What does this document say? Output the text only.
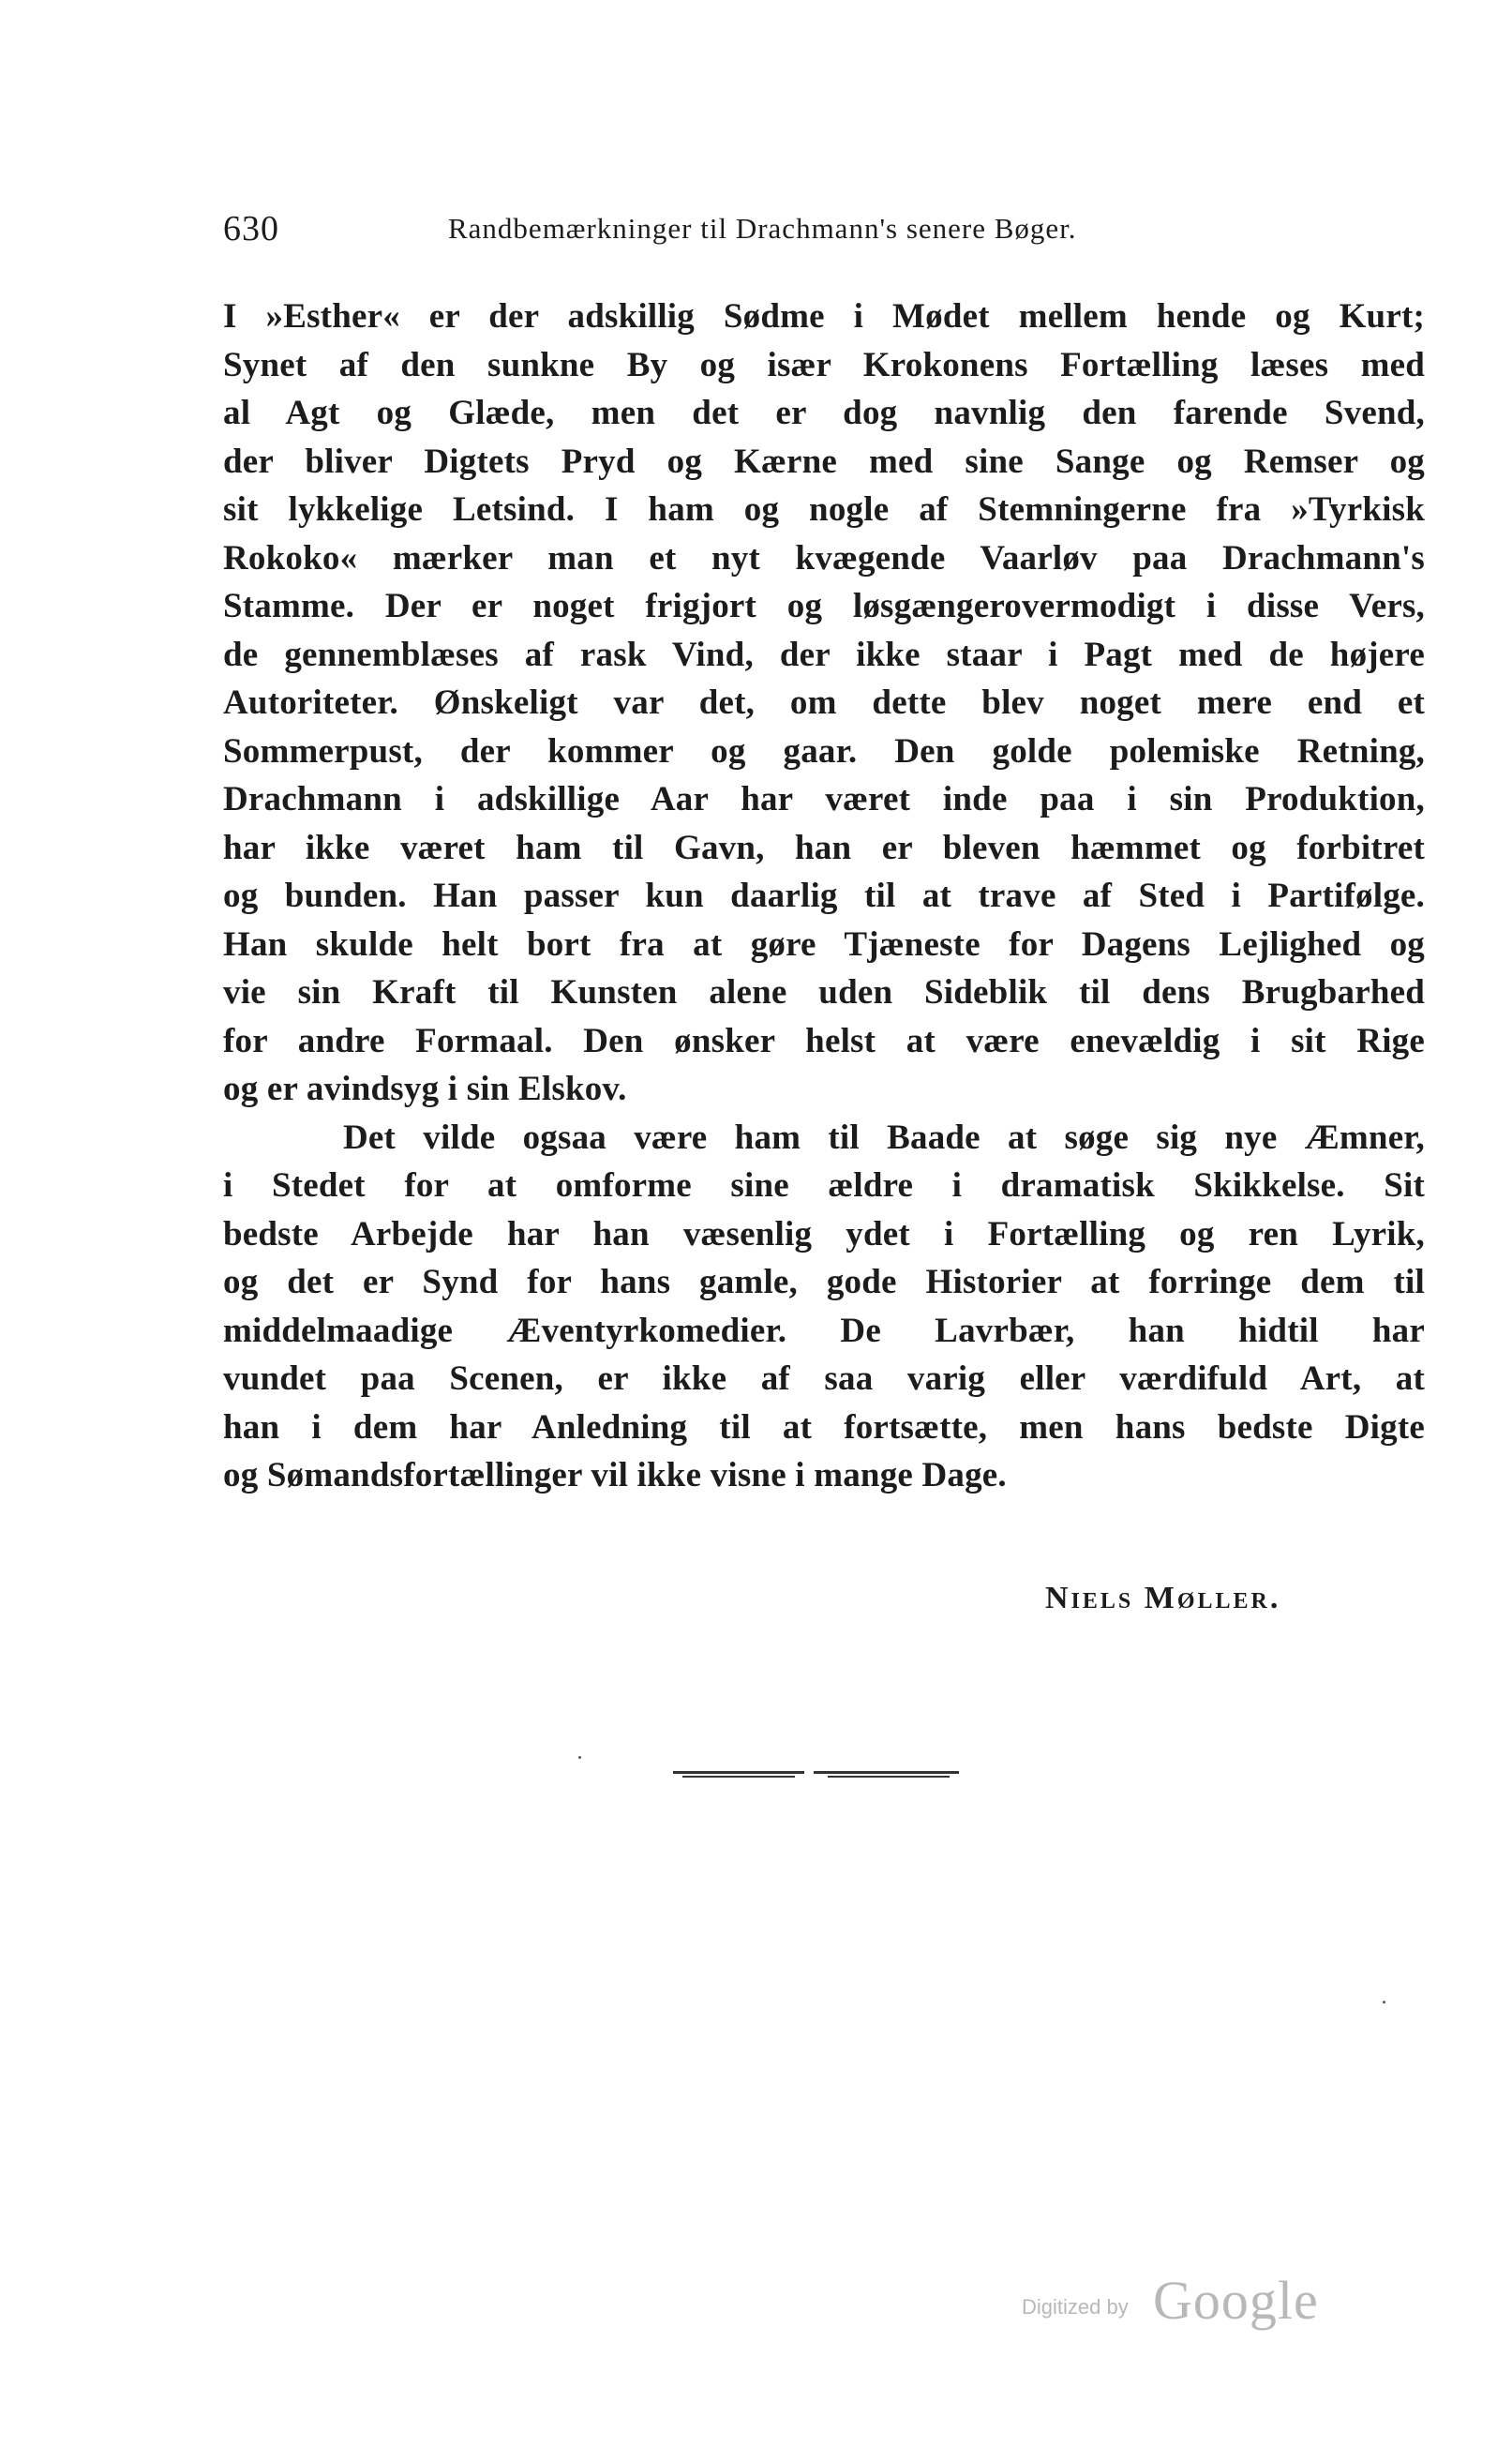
630	Randbemærkninger til Drachmann's senere Bøger.
I »Esther« er der adskillig Sødme i Mødet mellem hende og Kurt;
Synet af den sunkne By og især Krokonens Fortælling læses med
al Agt og Glæde, men det er dog navnlig den farende Svend,
der bliver Digtets Pryd og Kærne med sine Sange og Remser og
sit lykkelige Letsind. I ham og nogle af Stemningerne fra »Tyrkisk
Rokoko« mærker man et nyt kvægende Vaarløv paa Drachmann's
Stamme. Der er noget frigjort og løsgængerovermodigt i disse Vers,
de gennemblæses af rask Vind, der ikke staar i Pagt med de højere
Autoriteter. Ønskeligt var det, om dette blev noget mere end et
Sommerpust, der kommer og gaar. Den golde polemiske Retning,
Drachmann i adskillige Aar har været inde paa i sin Produktion,
har ikke været ham til Gavn, han er bleven hæmmet og forbitret
og bunden. Han passer kun daarlig til at trave af Sted i Partifølge.
Han skulde helt bort fra at gøre Tjæneste for Dagens Lejlighed og
vie sin Kraft til Kunsten alene uden Sideblik til dens Brugbarhed
for andre Formaal. Den ønsker helst at være enevældig i sit Rige
og er avindsyg i sin Elskov.
Det vilde ogsaa være ham til Baade at søge sig nye Æmner,
i Stedet for at omforme sine ældre i dramatisk Skikkelse. Sit
bedste Arbejde har han væsenlig ydet i Fortælling og ren Lyrik,
og det er Synd for hans gamle, gode Historier at forringe dem til
middelmaadige Æventyrkomedier. De Lavrbær, han hidtil har
vundet paa Scenen, er ikke af saa varig eller værdifuld Art, at
han i dem har Anledning til at fortsætte, men hans bedste Digte
og Sømandsfortællinger vil ikke visne i mange Dage.
Niels Møller.
Digitized by Google
